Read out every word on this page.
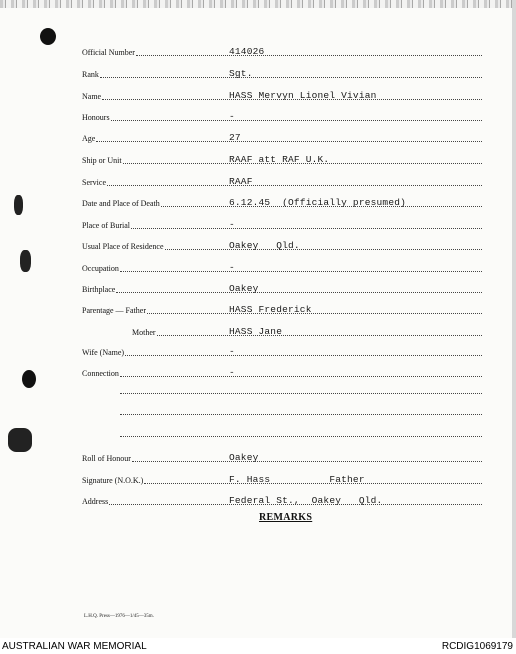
Official Number	414026
Rank	Sgt.
Name	HASS Mervyn Lionel Vivian
Honours	-
Age	27
Ship or Unit	RAAF att RAF U.K.
Service	RAAF
Date and Place of Death	6.12.45  (Officially presumed)
Place of Burial	-
Usual Place of Residence	Oakey   Qld.
Occupation	-
Birthplace	Oakey
Parentage — Father	HASS Frederick
Mother	HASS Jane
Wife (Name)	-
Connection	-
Roll of Honour	Oakey
Signature (N.O.K.)	F. Hass          Father
Address	Federal St.,  Oakey   Qld.
REMARKS
L.H.Q. Press—1976—1/45—35m.
AUSTRALIAN WAR MEMORIAL	RCDIG1069179
